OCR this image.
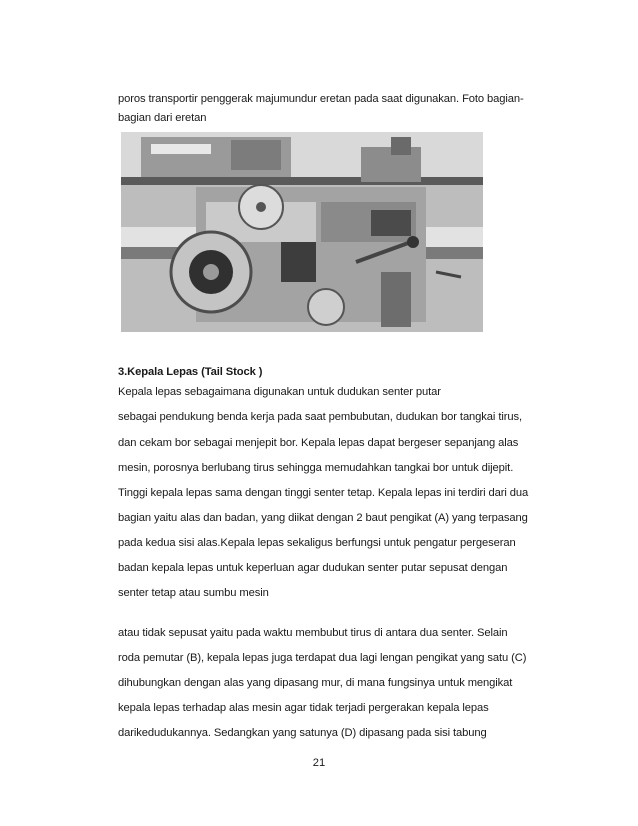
poros transportir penggerak majumundur eretan pada saat digunakan. Foto bagian-
bagian dari eretan
3.Kepala Lepas (Tail Stock )
Kepala lepas sebagaimana digunakan untuk dudukan senter putar
sebagai pendukung benda kerja pada saat pembubutan, dudukan bor tangkai tirus,
dan cekam bor sebagai menjepit bor. Kepala lepas dapat bergeser sepanjang alas
mesin, porosnya berlubang tirus sehingga memudahkan tangkai bor untuk dijepit.
Tinggi kepala lepas sama dengan tinggi senter tetap. Kepala lepas ini terdiri dari dua
bagian yaitu alas dan badan, yang diikat dengan 2 baut pengikat (A) yang terpasang
pada kedua sisi alas.Kepala lepas sekaligus berfungsi untuk pengatur pergeseran
badan kepala lepas untuk keperluan agar dudukan senter putar sepusat dengan
senter tetap atau sumbu mesin
atau tidak sepusat yaitu pada waktu membubut tirus di antara dua senter. Selain
roda pemutar (B), kepala lepas juga terdapat dua lagi lengan pengikat yang satu (C)
dihubungkan dengan alas yang dipasang mur, di mana fungsinya untuk mengikat
kepala lepas terhadap alas mesin agar tidak terjadi pergerakan kepala lepas
darikedudukannya. Sedangkan yang satunya (D) dipasang pada sisi tabung
21
